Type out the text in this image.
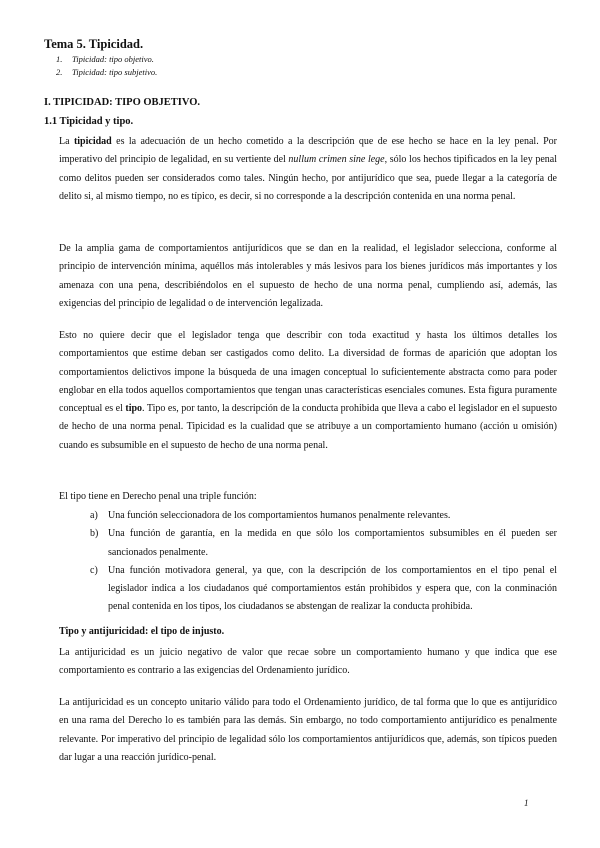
Tema 5. Tipicidad.
1. Tipicidad: tipo objetivo.
2. Tipicidad: tipo subjetivo.
I. TIPICIDAD: TIPO OBJETIVO.
1.1 Tipicidad y tipo.

La tipicidad es la adecuación de un hecho cometido a la descripción que de ese hecho se hace en la ley penal. Por imperativo del principio de legalidad, en su vertiente del nullum crimen sine lege, sólo los hechos tipificados en la ley penal como delitos pueden ser considerados como tales. Ningún hecho, por antijurídico que sea, puede llegar a la categoría de delito si, al mismo tiempo, no es típico, es decir, si no corresponde a la descripción contenida en una norma penal.

De la amplia gama de comportamientos antijurídicos que se dan en la realidad, el legislador selecciona, conforme al principio de intervención mínima, aquéllos más intolerables y más lesivos para los bienes jurídicos más importantes y los amenaza con una pena, describiéndolos en el supuesto de hecho de una norma penal, cumpliendo así, además, las exigencias del principio de legalidad o de intervención legalizada.

Esto no quiere decir que el legislador tenga que describir con toda exactitud y hasta los últimos detalles los comportamientos que estime deban ser castigados como delito. La diversidad de formas de aparición que adoptan los comportamientos delictivos impone la búsqueda de una imagen conceptual lo suficientemente abstracta como para poder englobar en ella todos aquellos comportamientos que tengan unas características esenciales comunes. Esta figura puramente conceptual es el tipo. Tipo es, por tanto, la descripción de la conducta prohibida que lleva a cabo el legislador en el supuesto de hecho de una norma penal. Tipicidad es la cualidad que se atribuye a un comportamiento humano (acción u omisión) cuando es subsumible en el supuesto de hecho de una norma penal.

El tipo tiene en Derecho penal una triple función:

a) Una función seleccionadora de los comportamientos humanos penalmente relevantes.
b) Una función de garantía, en la medida en que sólo los comportamientos subsumibles en él pueden ser sancionados penalmente.
c) Una función motivadora general, ya que, con la descripción de los comportamientos en el tipo penal el legislador indica a los ciudadanos qué comportamientos están prohibidos y espera que, con la conminación penal contenida en los tipos, los ciudadanos se abstengan de realizar la conducta prohibida.
Tipo y antijuricidad: el tipo de injusto.

La antijuricidad es un juicio negativo de valor que recae sobre un comportamiento humano y que indica que ese comportamiento es contrario a las exigencias del Ordenamiento jurídico.

La antijuricidad es un concepto unitario válido para todo el Ordenamiento jurídico, de tal forma que lo que es antijurídico en una rama del Derecho lo es también para las demás. Sin embargo, no todo comportamiento antijurídico es penalmente relevante. Por imperativo del principio de legalidad sólo los comportamientos antijurídicos que, además, son típicos pueden dar lugar a una reacción jurídico-penal.

1
